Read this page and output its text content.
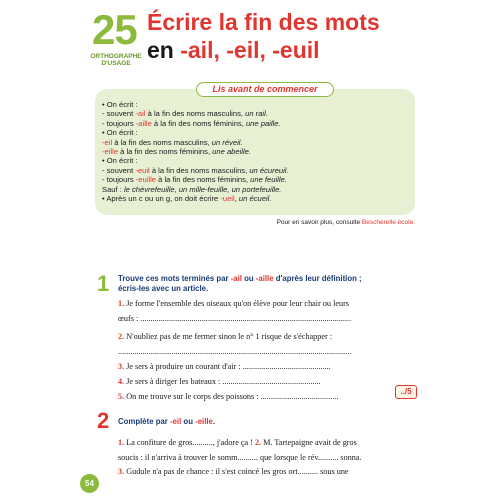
25
ORTHOGRAPHE
D'USAGE
Écrire la fin des mots
en -ail, -eil, -euil
Lis avant de commencer
• On écrit :
- souvent -ail à la fin des noms masculins, un rail.
- toujours -aille à la fin des noms féminins, une paille.
• On écrit :
-eil à la fin des noms masculins, un réveil.
-eille à la fin des noms féminins, une abeille.
• On écrit :
- souvent -euil à la fin des noms masculins, un écureuil.
- toujours -euille à la fin des noms féminins, une feuille.
Sauf : le chèvrefeuille, un mille-feuille, un portefeuille.
• Après un c ou un g, on doit écrire -ueil, un écueil.
Pour en savoir plus, consulte Bescherelle école.
1 Trouve ces mots terminés par -ail ou -aille d'après leur définition ;
écris-les avec un article.
1. Je forme l'ensemble des oiseaux qu'on élève pour leur chair ou leurs
œufs : .......................................................................................................
2. N'oubliez pas de me fermer sinon le n° 1 risque de s'échapper :
..................................................................................................................
3. Je sers à produire un courant d'air : ...........................................
4. Je sers à diriger les bateaux : ................................................
5. On me trouve sur le corps des poissons : ......................................
../5
2 Complète par -eil ou -eille.
1. La confiture de gros.........., j'adore ça ! 2. M. Tartepaigne avait de gros
soucis : il n'arriva à trouver le somm.......... que lorsque le rév.......... sonna.
3. Gudule n'a pas de chance : il s'est coincé les gros ort.......... sous une
54
